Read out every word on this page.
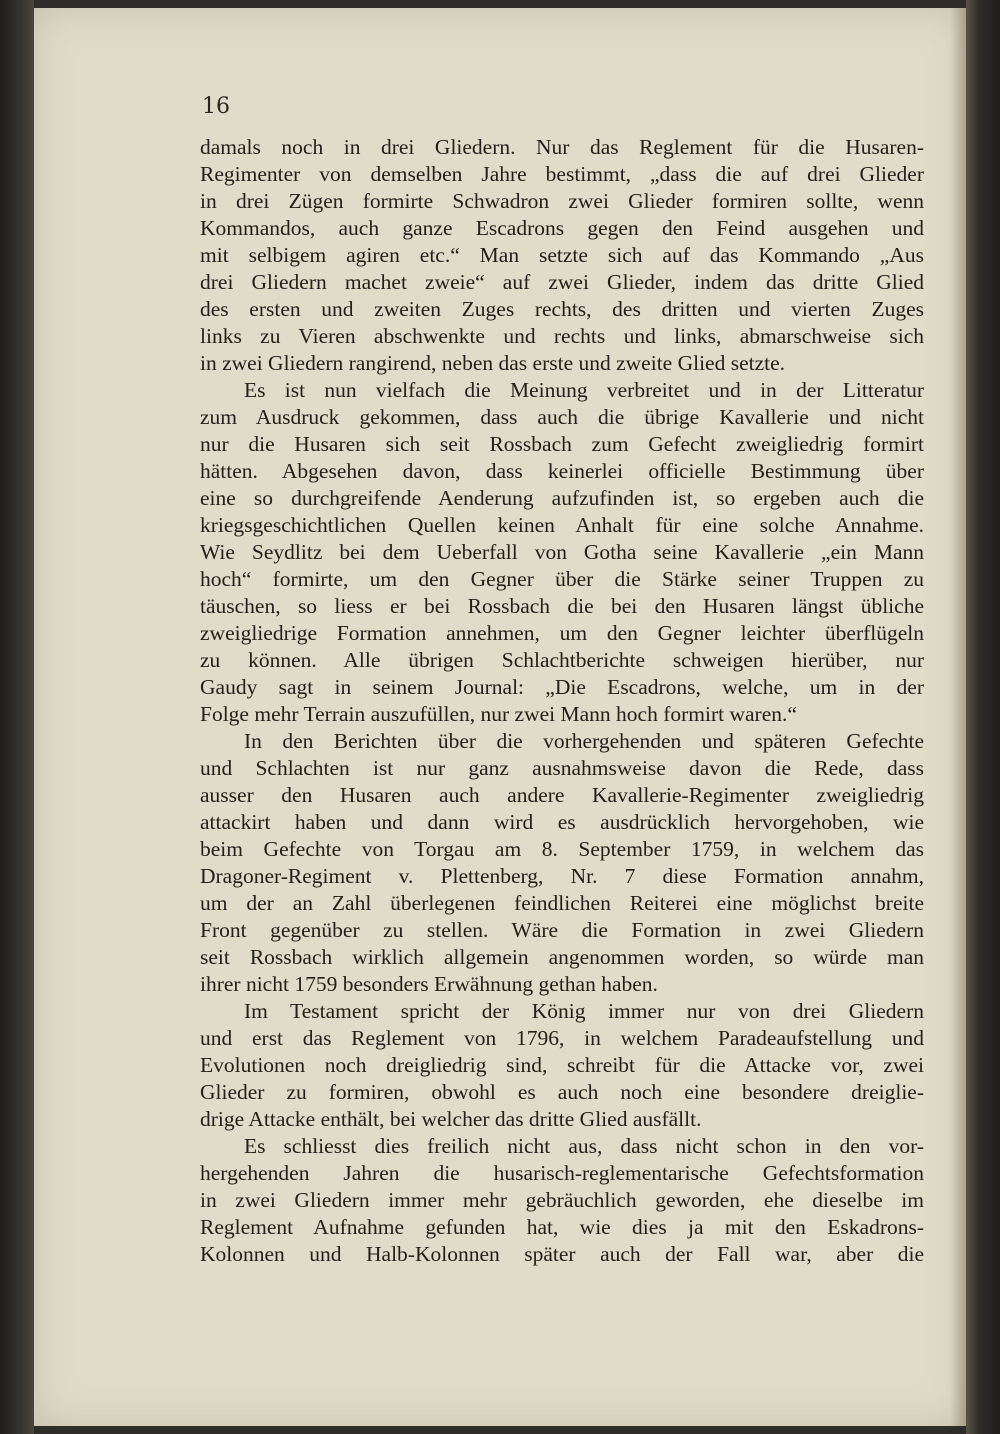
16
damals noch in drei Gliedern. Nur das Reglement für die Husaren-
Regimenter von demselben Jahre bestimmt, „dass die auf drei Glieder
in drei Zügen formirte Schwadron zwei Glieder formiren sollte, wenn
Kommandos, auch ganze Escadrons gegen den Feind ausgehen und
mit selbigem agiren etc.“ Man setzte sich auf das Kommando „Aus
drei Gliedern machet zweie“ auf zwei Glieder, indem das dritte Glied
des ersten und zweiten Zuges rechts, des dritten und vierten Zuges
links zu Vieren abschwenkte und rechts und links, abmarschweise sich
in zwei Gliedern rangirend, neben das erste und zweite Glied setzte.
Es ist nun vielfach die Meinung verbreitet und in der Litteratur
zum Ausdruck gekommen, dass auch die übrige Kavallerie und nicht
nur die Husaren sich seit Rossbach zum Gefecht zweigliedrig formirt
hätten. Abgesehen davon, dass keinerlei officielle Bestimmung über
eine so durchgreifende Aenderung aufzufinden ist, so ergeben auch die
kriegsgeschichtlichen Quellen keinen Anhalt für eine solche Annahme.
Wie Seydlitz bei dem Ueberfall von Gotha seine Kavallerie „ein Mann
hoch“ formirte, um den Gegner über die Stärke seiner Truppen zu
täuschen, so liess er bei Rossbach die bei den Husaren längst übliche
zweigliedrige Formation annehmen, um den Gegner leichter überflügeln
zu können. Alle übrigen Schlachtberichte schweigen hierüber, nur
Gaudy sagt in seinem Journal: „Die Escadrons, welche, um in der
Folge mehr Terrain auszufüllen, nur zwei Mann hoch formirt waren.“
In den Berichten über die vorhergehenden und späteren Gefechte
und Schlachten ist nur ganz ausnahmsweise davon die Rede, dass
ausser den Husaren auch andere Kavallerie-Regimenter zweigliedrig
attackirt haben und dann wird es ausdrücklich hervorgehoben, wie
beim Gefechte von Torgau am 8. September 1759, in welchem das
Dragoner-Regiment v. Plettenberg, Nr. 7 diese Formation annahm,
um der an Zahl überlegenen feindlichen Reiterei eine möglichst breite
Front gegenüber zu stellen. Wäre die Formation in zwei Gliedern
seit Rossbach wirklich allgemein angenommen worden, so würde man
ihrer nicht 1759 besonders Erwähnung gethan haben.
Im Testament spricht der König immer nur von drei Gliedern
und erst das Reglement von 1796, in welchem Paradeaufstellung und
Evolutionen noch dreigliedrig sind, schreibt für die Attacke vor, zwei
Glieder zu formiren, obwohl es auch noch eine besondere dreiglie-
drige Attacke enthält, bei welcher das dritte Glied ausfällt.
Es schliesst dies freilich nicht aus, dass nicht schon in den vor-
hergehenden Jahren die husarisch-reglementarische Gefechtsformation
in zwei Gliedern immer mehr gebräuchlich geworden, ehe dieselbe im
Reglement Aufnahme gefunden hat, wie dies ja mit den Eskadrons-
Kolonnen und Halb-Kolonnen später auch der Fall war, aber die
